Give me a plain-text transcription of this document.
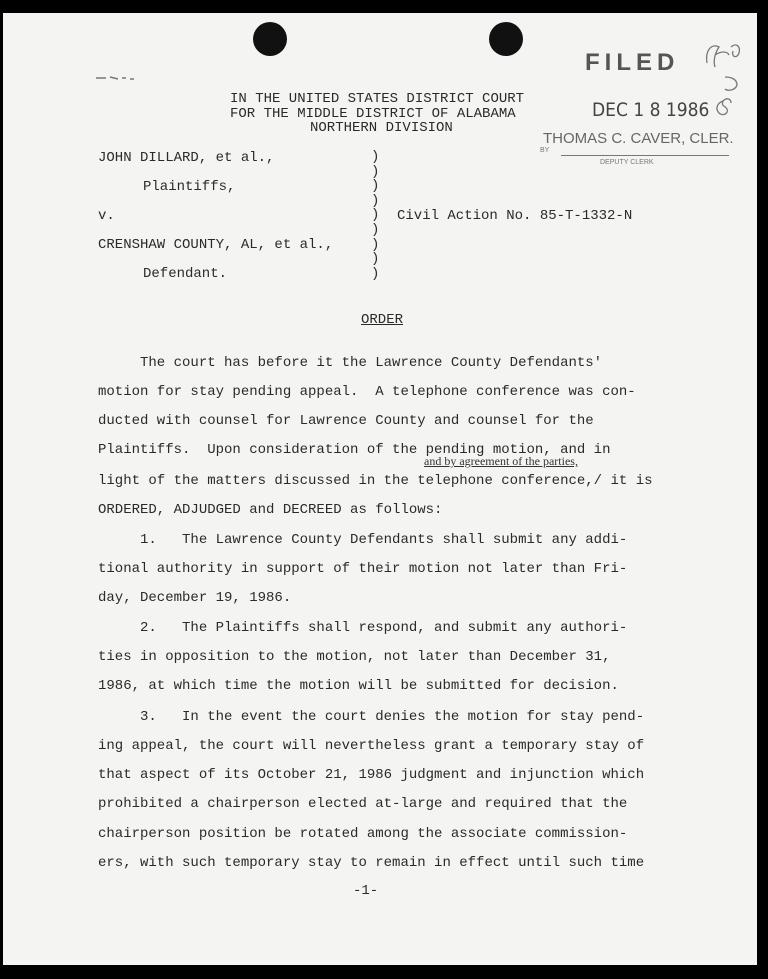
IN THE UNITED STATES DISTRICT COURT
FOR THE MIDDLE DISTRICT OF ALABAMA
NORTHERN DIVISION
FILED
DEC 1 8 1986
THOMAS C. CAVER, CLER.
BY
DEPUTY CLERK
JOHN DILLARD, et al.,
Plaintiffs,
v.
CRENSHAW COUNTY, AL, et al.,
Defendant.
Civil Action No. 85-T-1332-N
)
)
)
)
)
)
)
)
)
ORDER
The court has before it the Lawrence County Defendants'
motion for stay pending appeal.  A telephone conference was con-
ducted with counsel for Lawrence County and counsel for the
Plaintiffs.  Upon consideration of the pending motion, and in
light of the matters discussed in the telephone conference,/ it is
ORDERED, ADJUDGED and DECREED as follows:
and by agreement of the parties,
1.   The Lawrence County Defendants shall submit any addi-
tional authority in support of their motion not later than Fri-
day, December 19, 1986.
2.   The Plaintiffs shall respond, and submit any authori-
ties in opposition to the motion, not later than December 31,
1986, at which time the motion will be submitted for decision.
3.   In the event the court denies the motion for stay pend-
ing appeal, the court will nevertheless grant a temporary stay of
that aspect of its October 21, 1986 judgment and injunction which
prohibited a chairperson elected at-large and required that the
chairperson position be rotated among the associate commission-
ers, with such temporary stay to remain in effect until such time
-1-
